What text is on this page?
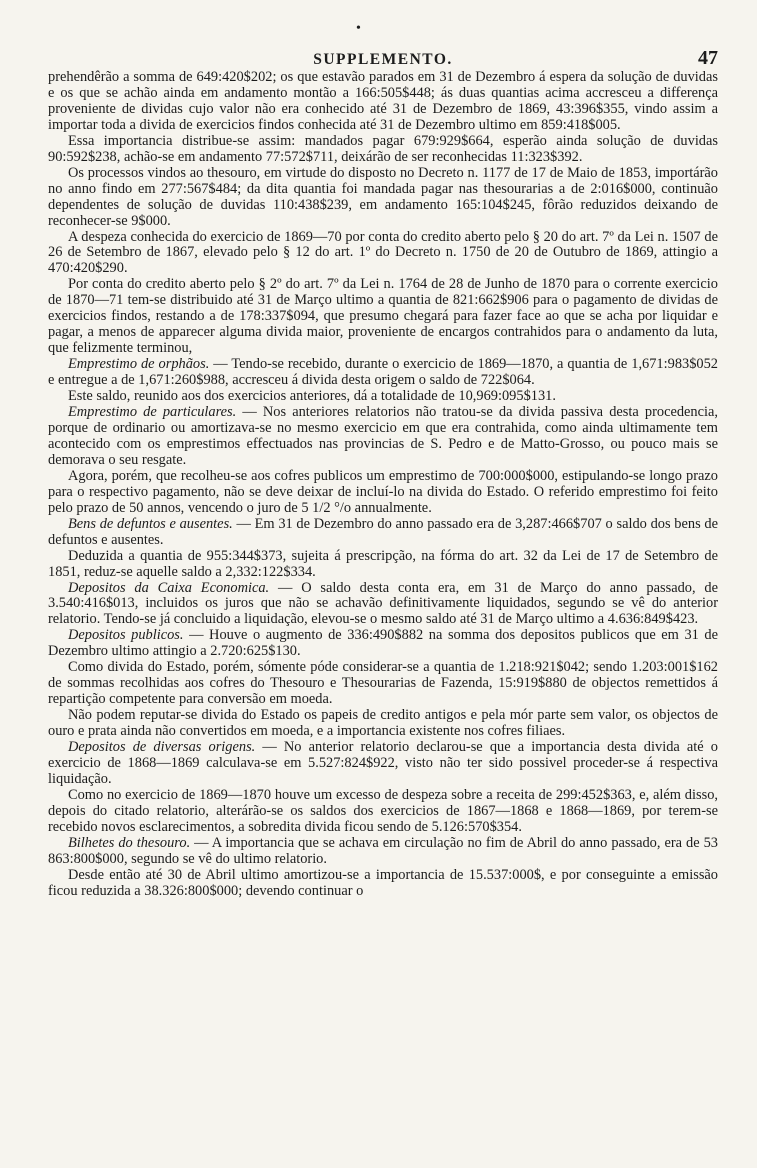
•
SUPPLEMENTO.	47

prehendêrão a somma de 649:420$202; os que estavão parados em 31 de Dezembro á espera da solução de duvidas e os que se achão ainda em andamento montão a 166:505$448; ás duas quantias acima accresceu a differença proveniente de dividas cujo valor não era conhecido até 31 de Dezembro de 1869, 43:396$355, vindo assim a importar toda a divida de exercicios findos conhecida até 31 de Dezembro ultimo em 859:418$005.

Essa importancia distribue-se assim: mandados pagar 679:929$664, esperão ainda solução de duvidas 90:592$238, achão-se em andamento 77:572$711, deixárão de ser reconhecidas 11:323$392.

Os processos vindos ao thesouro, em virtude do disposto no Decreto n. 1177 de 17 de Maio de 1853, importárão no anno findo em 277:567$484; da dita quantia foi mandada pagar nas thesourarias a de 2:016$000, continuão dependentes de solução de duvidas 110:438$239, em andamento 165:104$245, fôrão reduzidos deixando de reconhecer-se 9$000.

A despeza conhecida do exercicio de 1869—70 por conta do credito aberto pelo § 20 do art. 7º da Lei n. 1507 de 26 de Setembro de 1867, elevado pelo § 12 do art. 1º do Decreto n. 1750 de 20 de Outubro de 1869, attingio a 470:420$290.

Por conta do credito aberto pelo § 2º do art. 7º da Lei n. 1764 de 28 de Junho de 1870 para o corrente exercicio de 1870—71 tem-se distribuido até 31 de Março ultimo a quantia de 821:662$906 para o pagamento de dividas de exercicios findos, restando a de 178:337$094, que presumo chegará para fazer face ao que se acha por liquidar e pagar, a menos de apparecer alguma divida maior, proveniente de encargos contrahidos para o andamento da luta, que felizmente terminou,

Emprestimo de orphãos. — Tendo-se recebido, durante o exercicio de 1869—1870, a quantia de 1,671:983$052 e entregue a de 1,671:260$988, accresceu á divida desta origem o saldo de 722$064.

Este saldo, reunido aos dos exercicios anteriores, dá a totalidade de 10,969:095$131.

Emprestimo de particulares. — Nos anteriores relatorios não tratou-se da divida passiva desta procedencia, porque de ordinario ou amortizava-se no mesmo exercicio em que era contrahida, como ainda ultimamente tem acontecido com os emprestimos effectuados nas provincias de S. Pedro e de Matto-Grosso, ou pouco mais se demorava o seu resgate.

Agora, porém, que recolheu-se aos cofres publicos um emprestimo de 700:000$000, estipulando-se longo prazo para o respectivo pagamento, não se deve deixar de incluí-lo na divida do Estado. O referido emprestimo foi feito pelo prazo de 50 annos, vencendo o juro de 5 1/2 °/o annualmente.

Bens de defuntos e ausentes. — Em 31 de Dezembro do anno passado era de 3,287:466$707 o saldo dos bens de defuntos e ausentes.

Deduzida a quantia de 955:344$373, sujeita á prescripção, na fórma do art. 32 da Lei de 17 de Setembro de 1851, reduz-se aquelle saldo a 2,332:122$334.

Depositos da Caixa Economica. — O saldo desta conta era, em 31 de Março do anno passado, de 3.540:416$013, incluidos os juros que não se achavão definitivamente liquidados, segundo se vê do anterior relatorio. Tendo-se já concluido a liquidação, elevou-se o mesmo saldo até 31 de Março ultimo a 4.636:849$423.

Depositos publicos. — Houve o augmento de 336:490$882 na somma dos depositos publicos que em 31 de Dezembro ultimo attingio a 2.720:625$130.

Como divida do Estado, porém, sómente póde considerar-se a quantia de 1.218:921$042; sendo 1.203:001$162 de sommas recolhidas aos cofres do Thesouro e Thesourarias de Fazenda, 15:919$880 de objectos remettidos á repartição competente para conversão em moeda.

Não podem reputar-se divida do Estado os papeis de credito antigos e pela mór parte sem valor, os objectos de ouro e prata ainda não convertidos em moeda, e a importancia existente nos cofres filiaes.

Depositos de diversas origens. — No anterior relatorio declarou-se que a importancia desta divida até o exercicio de 1868—1869 calculava-se em 5.527:824$922, visto não ter sido possivel proceder-se á respectiva liquidação.

Como no exercicio de 1869—1870 houve um excesso de despeza sobre a receita de 299:452$363, e, além disso, depois do citado relatorio, alterárão-se os saldos dos exercicios de 1867—1868 e 1868—1869, por terem-se recebido novos esclarecimentos, a sobredita divida ficou sendo de 5.126:570$354.

Bilhetes do thesouro. — A importancia que se achava em circulação no fim de Abril do anno passado, era de 53 863:800$000, segundo se vê do ultimo relatorio.

Desde então até 30 de Abril ultimo amortizou-se a importancia de 15.537:000$, e por conseguinte a emissão ficou reduzida a 38.326:800$000; devendo continuar o
